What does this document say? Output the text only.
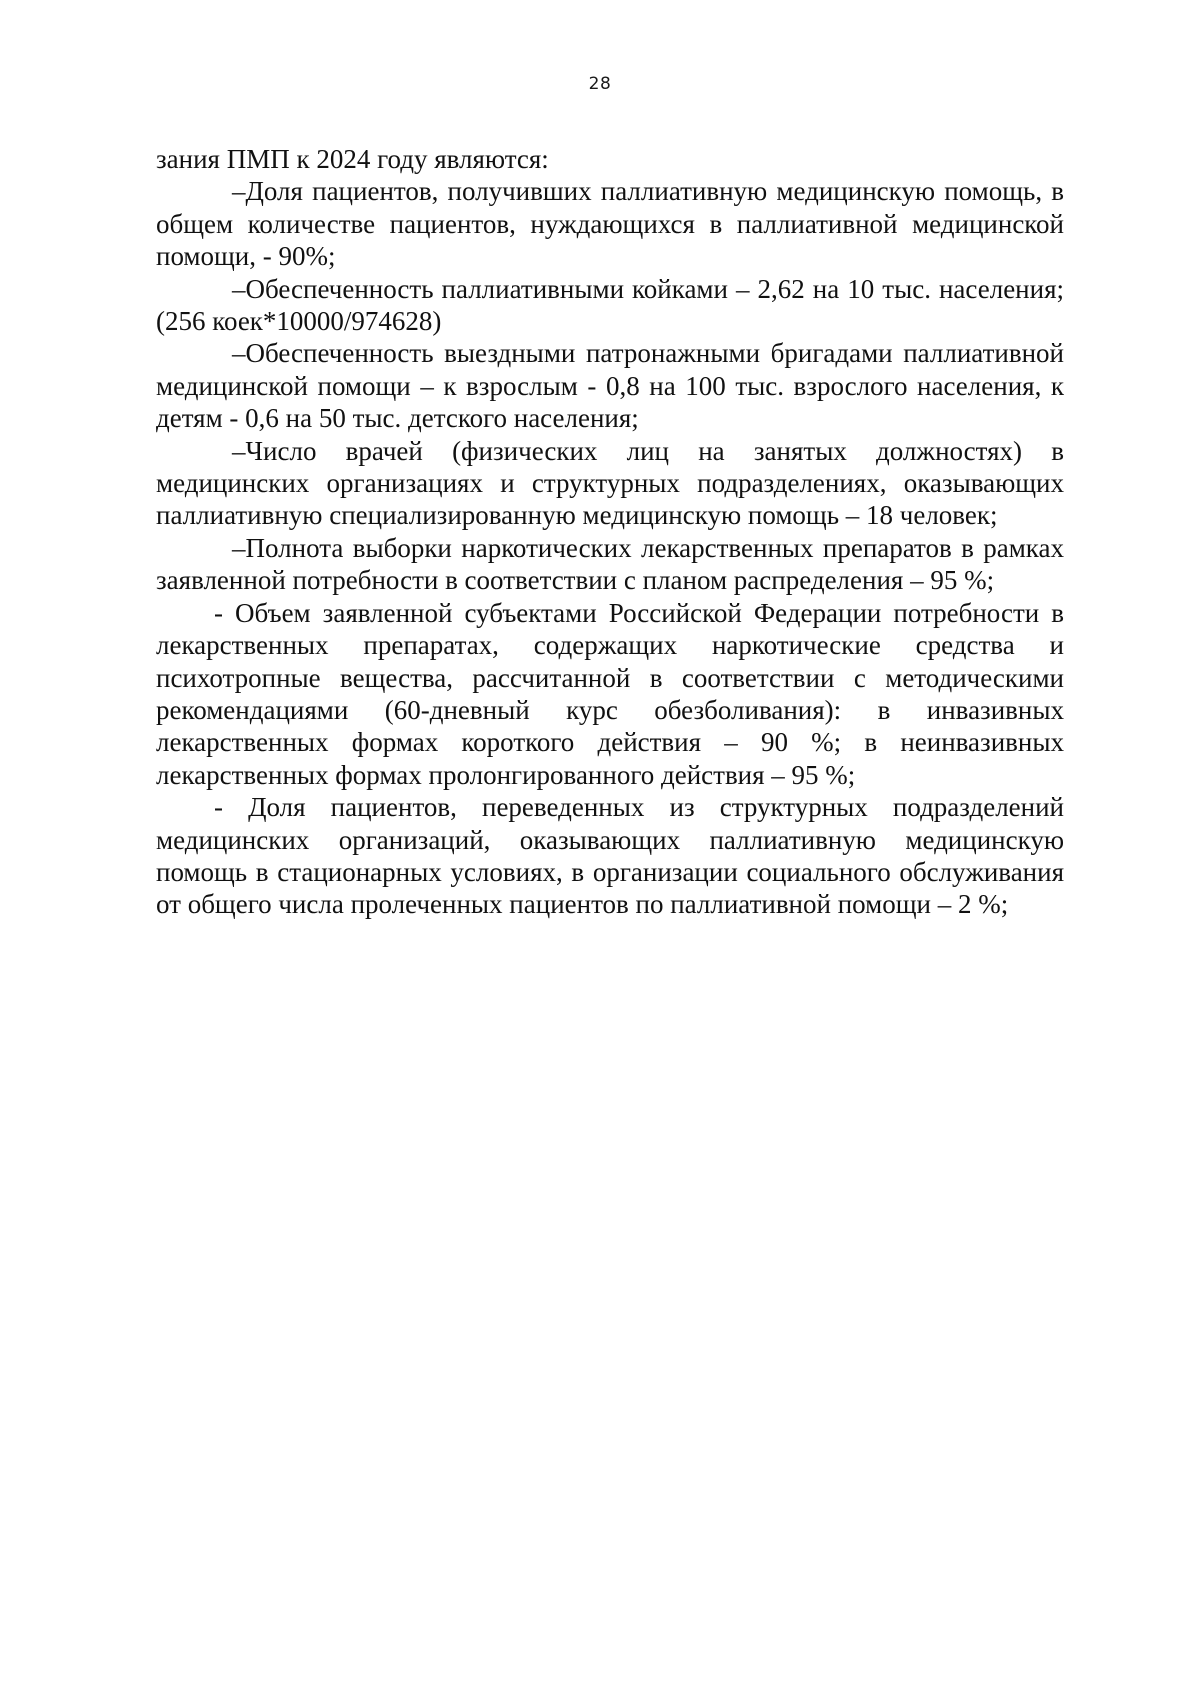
28

зания ПМП к 2024 году являются:

–Доля пациентов, получивших паллиативную медицинскую помощь, в общем количестве пациентов, нуждающихся в паллиативной медицинской помощи, - 90%;

–Обеспеченность паллиативными койками – 2,62 на 10 тыс. населения;(256 коек*10000/974628)

–Обеспеченность выездными патронажными бригадами паллиативной медицинской помощи – к взрослым - 0,8 на 100 тыс. взрослого населения, к детям - 0,6 на 50 тыс. детского населения;

–Число врачей (физических лиц на занятых должностях) в медицинских организациях и структурных подразделениях, оказывающих паллиативную специализированную медицинскую помощь – 18 человек;

–Полнота выборки наркотических лекарственных препаратов в рамках заявленной потребности в соответствии с планом распределения – 95 %;

- Объем заявленной субъектами Российской Федерации потребности в лекарственных препаратах, содержащих наркотические средства и психотропные вещества, рассчитанной в соответствии с методическими рекомендациями (60-дневный курс обезболивания): в инвазивных лекарственных формах короткого действия – 90 %; в неинвазивных лекарственных формах пролонгированного действия – 95 %;

- Доля пациентов, переведенных из структурных подразделений медицинских организаций, оказывающих паллиативную медицинскую помощь в стационарных условиях, в организации социального обслуживания от общего числа пролеченных пациентов по паллиативной помощи – 2 %;
